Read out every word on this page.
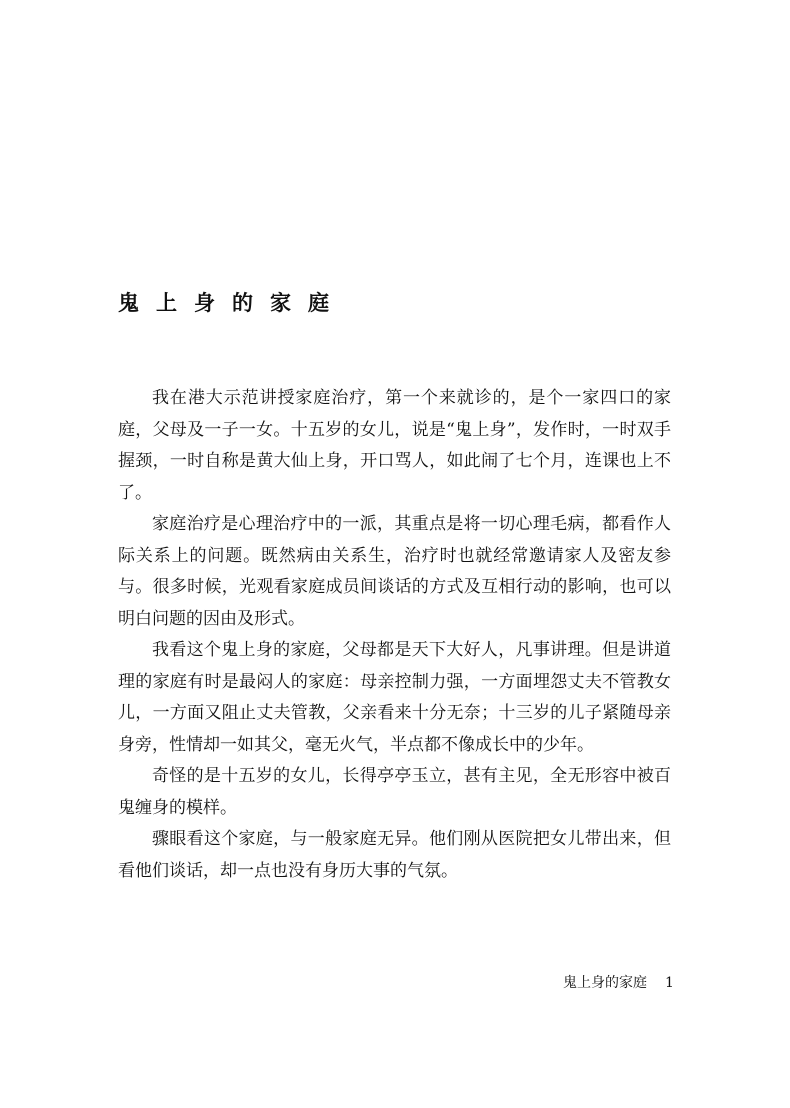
鬼上身的家庭

我在港大示范讲授家庭治疗，第一个来就诊的，是个一家四口的家庭，父母及一子一女。十五岁的女儿，说是“鬼上身”，发作时，一时双手握颈，一时自称是黄大仙上身，开口骂人，如此闹了七个月，连课也上不了。

家庭治疗是心理治疗中的一派，其重点是将一切心理毛病，都看作人际关系上的问题。既然病由关系生，治疗时也就经常邀请家人及密友参与。很多时候，光观看家庭成员间谈话的方式及互相行动的影响，也可以明白问题的因由及形式。

我看这个鬼上身的家庭，父母都是天下大好人，凡事讲理。但是讲道理的家庭有时是最闷人的家庭：母亲控制力强，一方面埋怨丈夫不管教女儿，一方面又阻止丈夫管教，父亲看来十分无奈；十三岁的儿子紧随母亲身旁，性情却一如其父，毫无火气，半点都不像成长中的少年。

奇怪的是十五岁的女儿，长得亭亭玉立，甚有主见，全无形容中被百鬼缠身的模样。

骤眼看这个家庭，与一般家庭无异。他们刚从医院把女儿带出来，但看他们谈话，却一点也没有身历大事的气氛。

鬼上身的家庭 1
